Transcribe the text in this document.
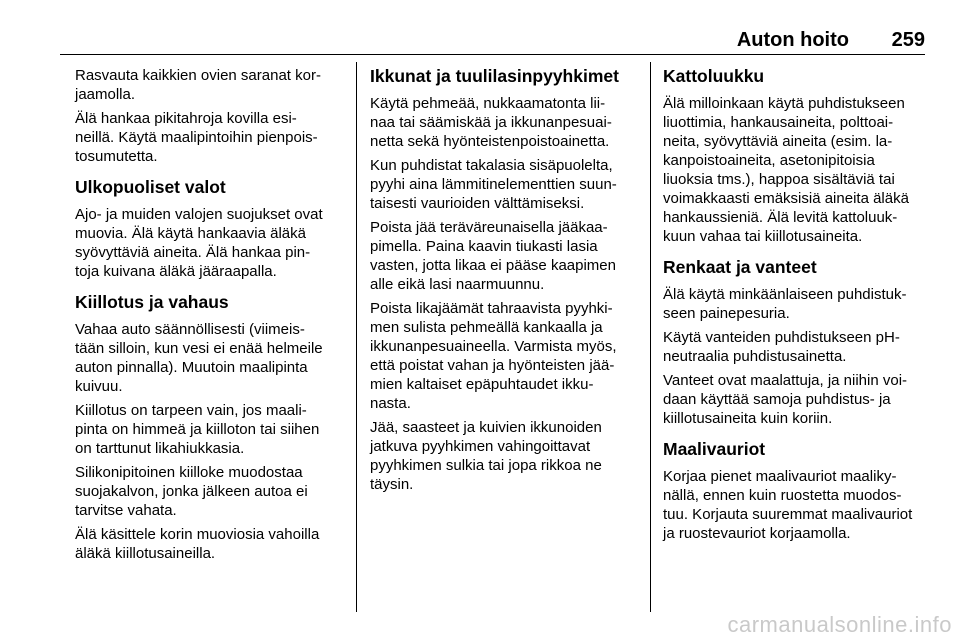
Auton hoito 259

Rasvauta kaikkien ovien saranat kor-
jaamolla.

Älä hankaa pikitahroja kovilla esi-
neillä. Käytä maalipintoihin pienpois-
tosumutetta.

Ulkopuoliset valot

Ajo- ja muiden valojen suojukset ovat
muovia. Älä käytä hankaavia äläkä
syövyttäviä aineita. Älä hankaa pin-
toja kuivana äläkä jääraapalla.

Kiillotus ja vahaus

Vahaa auto säännöllisesti (viimeis-
tään silloin, kun vesi ei enää helmeile
auton pinnalla). Muutoin maalipinta
kuivuu.

Kiillotus on tarpeen vain, jos maali-
pinta on himmeä ja kiilloton tai siihen
on tarttunut likahiukkasia.

Silikonipitoinen kiilloke muodostaa
suojakalvon, jonka jälkeen autoa ei
tarvitse vahata.

Älä käsittele korin muoviosia vahoilla
äläkä kiillotusaineilla.

Ikkunat ja tuulilasinpyyhkimet

Käytä pehmeää, nukkaamatonta lii-
naa tai säämiskää ja ikkunanpesuai-
netta sekä hyönteistenpoistoainetta.

Kun puhdistat takalasia sisäpuolelta,
pyyhi aina lämmitinelementtien suun-
taisesti vaurioiden välttämiseksi.

Poista jää teräväreunaisella jääkaa-
pimella. Paina kaavin tiukasti lasia
vasten, jotta likaa ei pääse kaapimen
alle eikä lasi naarmuunnu.

Poista likajäämät tahraavista pyyhki-
men sulista pehmeällä kankaalla ja
ikkunanpesuaineella. Varmista myös,
että poistat vahan ja hyönteisten jää-
mien kaltaiset epäpuhtaudet ikku-
nasta.

Jää, saasteet ja kuivien ikkunoiden
jatkuva pyyhkimen vahingoittavat
pyyhkimen sulkia tai jopa rikkoa ne
täysin.

Kattoluukku

Älä milloinkaan käytä puhdistukseen
liuottimia, hankausaineita, polttoai-
neita, syövyttäviä aineita (esim. la-
kanpoistoaineita, asetonipitoisia
liuoksia tms.), happoa sisältäviä tai
voimakkaasti emäksisiä aineita äläkä
hankaussieniä. Älä levitä kattoluuk-
kuun vahaa tai kiillotusaineita.

Renkaat ja vanteet

Älä käytä minkäänlaiseen puhdistuk-
seen painepesuria.

Käytä vanteiden puhdistukseen pH-
neutraalia puhdistusainetta.

Vanteet ovat maalattuja, ja niihin voi-
daan käyttää samoja puhdistus- ja
kiillotusaineita kuin koriin.

Maalivauriot

Korjaa pienet maalivauriot maaliky-
nällä, ennen kuin ruostetta muodos-
tuu. Korjauta suuremmat maalivauriot
ja ruostevauriot korjaamolla.

carmanualsonline.info
